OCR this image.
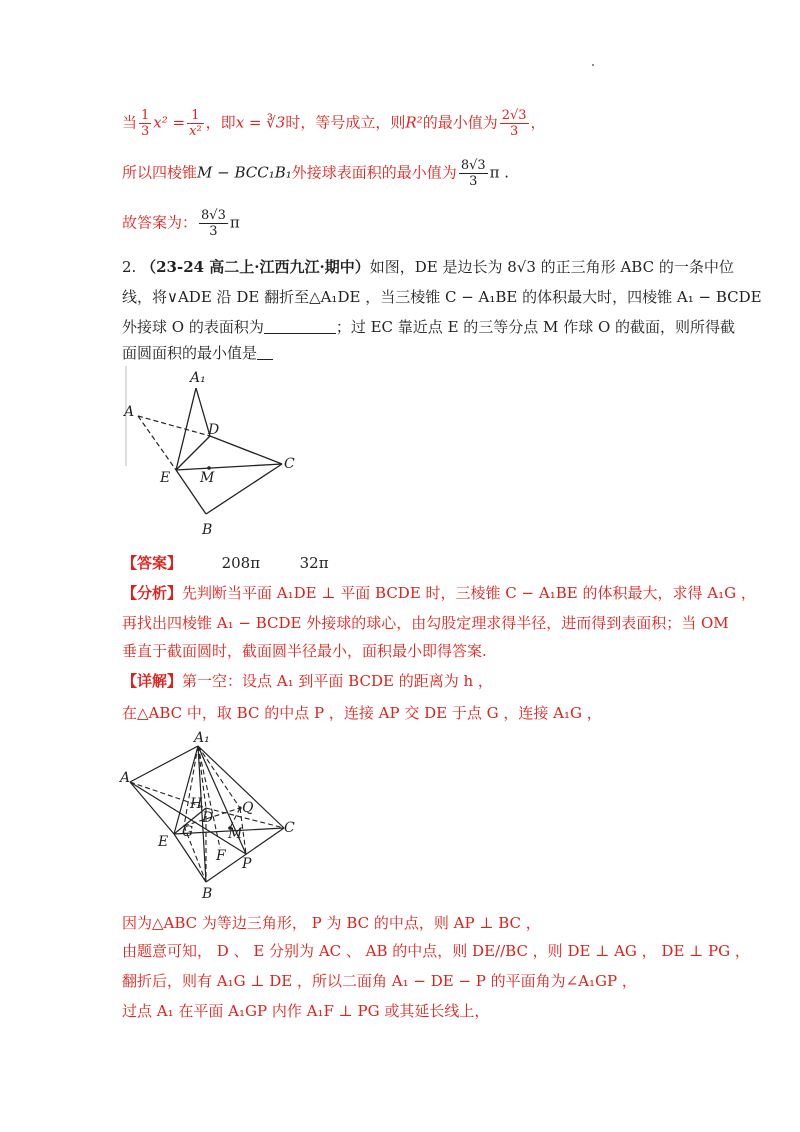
当 $\frac{1}{3} x^2 = \frac{1}{\text{x²}}$ ，即x = ∛3时，等号成立，则R²的最小值为 $\frac{2√3}{3}$ ，
所以四棱锥M − BCC₁B₁外接球表面积的最小值为 $\frac{8√3}{3}$ π .
故答案为： $\frac{8√3}{3}$ π
2. （23-24 高二上·江西九江·期中）如图，DE 是边长为 8√3 的正三角形 ABC 的一条中位
线，将∨ADE 沿 DE 翻折至△A₁DE ，当三棱锥 C − A₁BE 的体积最大时，四棱锥 A₁ − BCDE
外接球 O 的表面积为	；过 EC 靠近点 E 的三等分点 M 作球 O 的截面，则所得截
面圆面积的最小值是
A₁
A
D
C
E M
B
【答案】	208π	32π
【分析】先判断当平面 A₁DE ⊥ 平面 BCDE 时，三棱锥 C − A₁BE 的体积最大，求得 A₁G ，
再找出四棱锥 A₁ − BCDE 外接球的球心，由勾股定理求得半径，进而得到表面积；当 OM
垂直于截面圆时，截面圆半径最小，面积最小即得答案.
【详解】第一空：设点 A₁ 到平面 BCDE 的距离为 h ，
在△ABC 中，取 BC 的中点 P ，连接 AP 交 DE 于点 G ，连接 A₁G ，
A₁
A
Q
H
D
G M	C
E
F P
B
因为△ABC 为等边三角形， P 为 BC 的中点，则 AP ⊥ BC ，
由题意可知， D 、 E 分别为 AC 、 AB 的中点，则 DE//BC ，则 DE ⊥ AG ， DE ⊥ PG ，
翻折后，则有 A₁G ⊥ DE ，所以二面角 A₁ − DE − P 的平面角为∠A₁GP ，
过点 A₁ 在平面 A₁GP 内作 A₁F ⊥ PG 或其延长线上，
